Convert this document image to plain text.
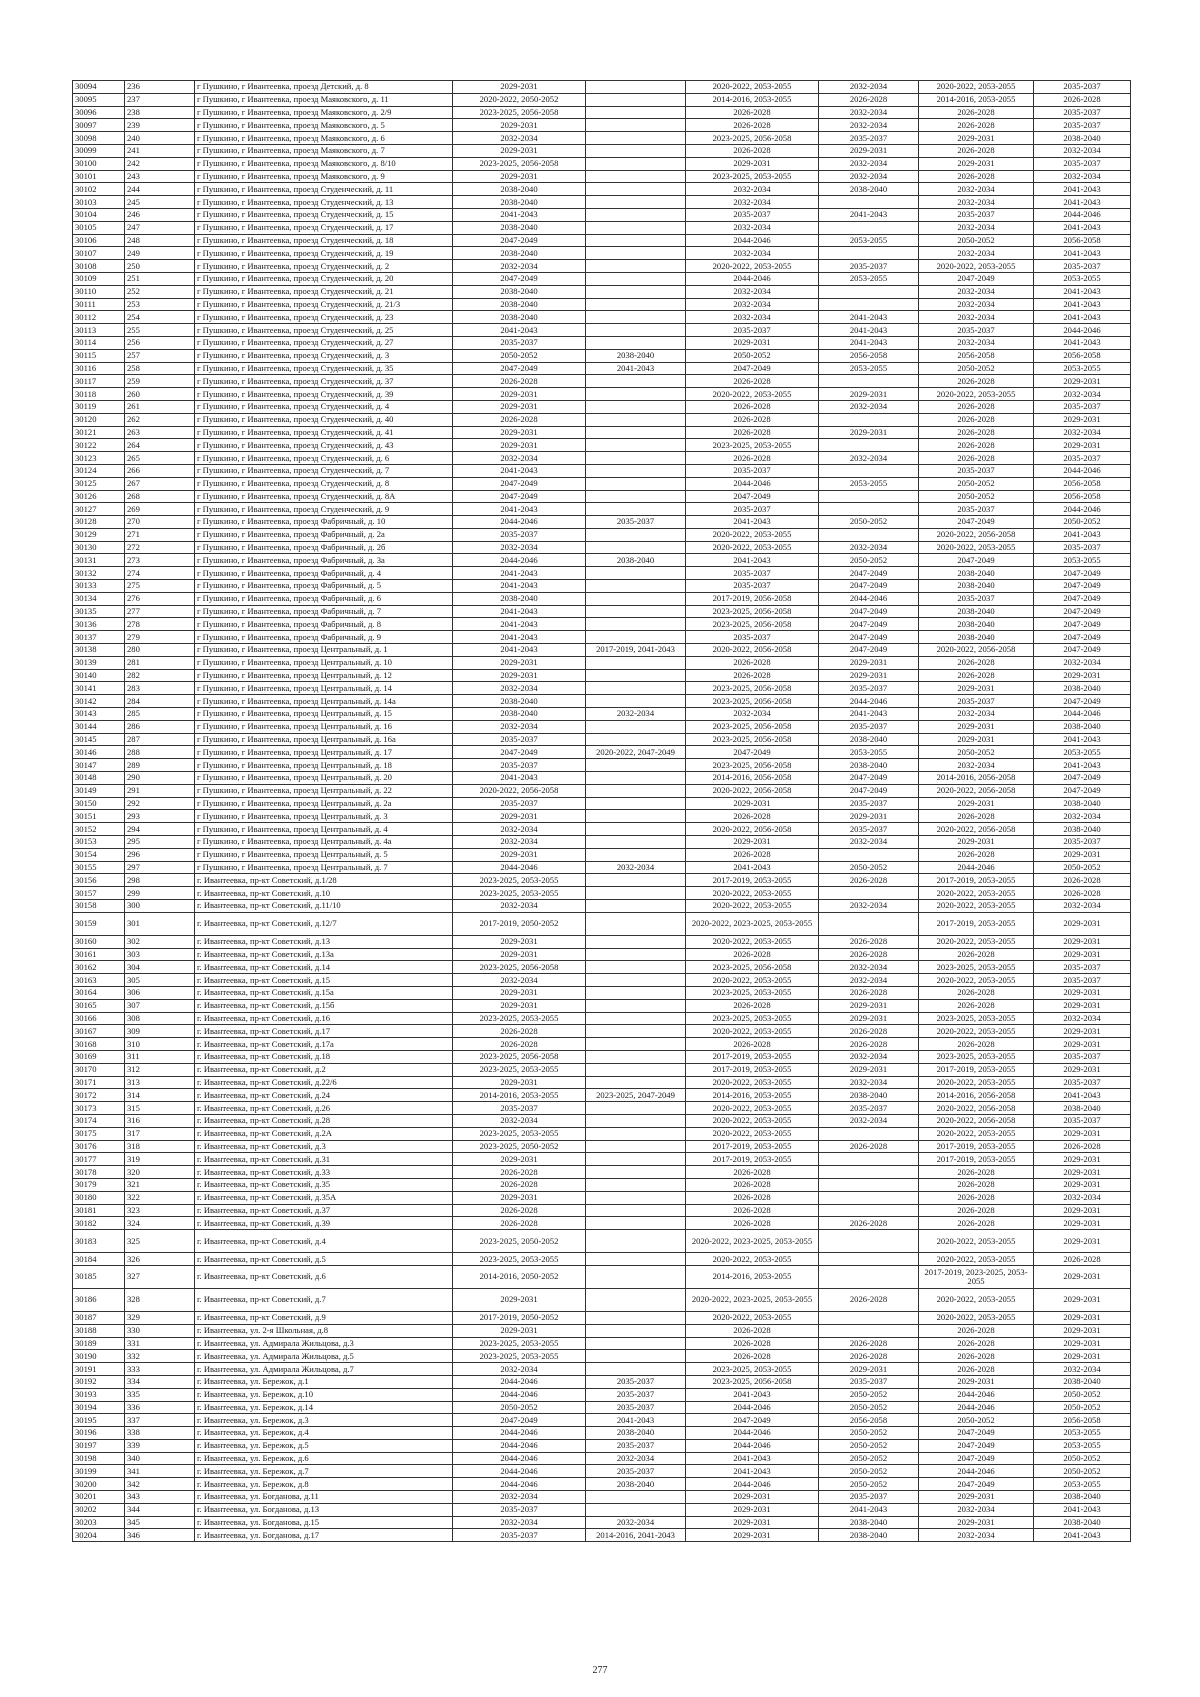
30094	236	г Пушкино, г Ивантеевка, проезд Детский, д. 8	2029-2031		2020-2022, 2053-2055	2032-2034	2020-2022, 2053-2055	2035-2037
30095	237	г Пушкино, г Ивантеевка, проезд Маяковского, д. 11	2020-2022, 2050-2052		2014-2016, 2053-2055	2026-2028	2014-2016, 2053-2055	2026-2028
30096	238	г Пушкино, г Ивантеевка, проезд Маяковского, д. 2/9	2023-2025, 2056-2058		2026-2028	2032-2034	2026-2028	2035-2037
30097	239	г Пушкино, г Ивантеевка, проезд Маяковского, д. 5	2029-2031		2026-2028	2032-2034	2026-2028	2035-2037
30098	240	г Пушкино, г Ивантеевка, проезд Маяковского, д. 6	2032-2034		2023-2025, 2056-2058	2035-2037	2029-2031	2038-2040
30099	241	г Пушкино, г Ивантеевка, проезд Маяковского, д. 7	2029-2031		2026-2028	2029-2031	2026-2028	2032-2034
30100	242	г Пушкино, г Ивантеевка, проезд Маяковского, д. 8/10	2023-2025, 2056-2058		2029-2031	2032-2034	2029-2031	2035-2037
30101	243	г Пушкино, г Ивантеевка, проезд Маяковского, д. 9	2029-2031		2023-2025, 2053-2055	2032-2034	2026-2028	2032-2034
30102	244	г Пушкино, г Ивантеевка, проезд Студенческий, д. 11	2038-2040		2032-2034	2038-2040	2032-2034	2041-2043
30103	245	г Пушкино, г Ивантеевка, проезд Студенческий, д. 13	2038-2040		2032-2034		2032-2034	2041-2043
30104	246	г Пушкино, г Ивантеевка, проезд Студенческий, д. 15	2041-2043		2035-2037	2041-2043	2035-2037	2044-2046
30105	247	г Пушкино, г Ивантеевка, проезд Студенческий, д. 17	2038-2040		2032-2034		2032-2034	2041-2043
30106	248	г Пушкино, г Ивантеевка, проезд Студенческий, д. 18	2047-2049		2044-2046	2053-2055	2050-2052	2056-2058
30107	249	г Пушкино, г Ивантеевка, проезд Студенческий, д. 19	2038-2040		2032-2034		2032-2034	2041-2043
30108	250	г Пушкино, г Ивантеевка, проезд Студенческий, д. 2	2032-2034		2020-2022, 2053-2055	2035-2037	2020-2022, 2053-2055	2035-2037
30109	251	г Пушкино, г Ивантеевка, проезд Студенческий, д. 20	2047-2049		2044-2046	2053-2055	2047-2049	2053-2055
30110	252	г Пушкино, г Ивантеевка, проезд Студенческий, д. 21	2038-2040		2032-2034		2032-2034	2041-2043
30111	253	г Пушкино, г Ивантеевка, проезд Студенческий, д. 21/3	2038-2040		2032-2034		2032-2034	2041-2043
30112	254	г Пушкино, г Ивантеевка, проезд Студенческий, д. 23	2038-2040		2032-2034	2041-2043	2032-2034	2041-2043
30113	255	г Пушкино, г Ивантеевка, проезд Студенческий, д. 25	2041-2043		2035-2037	2041-2043	2035-2037	2044-2046
30114	256	г Пушкино, г Ивантеевка, проезд Студенческий, д. 27	2035-2037		2029-2031	2041-2043	2032-2034	2041-2043
30115	257	г Пушкино, г Ивантеевка, проезд Студенческий, д. 3	2050-2052	2038-2040	2050-2052	2056-2058	2056-2058	2056-2058
30116	258	г Пушкино, г Ивантеевка, проезд Студенческий, д. 35	2047-2049	2041-2043	2047-2049	2053-2055	2050-2052	2053-2055
30117	259	г Пушкино, г Ивантеевка, проезд Студенческий, д. 37	2026-2028		2026-2028		2026-2028	2029-2031
30118	260	г Пушкино, г Ивантеевка, проезд Студенческий, д. 39	2029-2031		2020-2022, 2053-2055	2029-2031	2020-2022, 2053-2055	2032-2034
30119	261	г Пушкино, г Ивантеевка, проезд Студенческий, д. 4	2029-2031		2026-2028	2032-2034	2026-2028	2035-2037
30120	262	г Пушкино, г Ивантеевка, проезд Студенческий, д. 40	2026-2028		2026-2028		2026-2028	2029-2031
30121	263	г Пушкино, г Ивантеевка, проезд Студенческий, д. 41	2029-2031		2026-2028	2029-2031	2026-2028	2032-2034
30122	264	г Пушкино, г Ивантеевка, проезд Студенческий, д. 43	2029-2031		2023-2025, 2053-2055		2026-2028	2029-2031
30123	265	г Пушкино, г Ивантеевка, проезд Студенческий, д. 6	2032-2034		2026-2028	2032-2034	2026-2028	2035-2037
30124	266	г Пушкино, г Ивантеевка, проезд Студенческий, д. 7	2041-2043		2035-2037		2035-2037	2044-2046
30125	267	г Пушкино, г Ивантеевка, проезд Студенческий, д. 8	2047-2049		2044-2046	2053-2055	2050-2052	2056-2058
30126	268	г Пушкино, г Ивантеевка, проезд Студенческий, д. 8А	2047-2049		2047-2049		2050-2052	2056-2058
30127	269	г Пушкино, г Ивантеевка, проезд Студенческий, д. 9	2041-2043		2035-2037		2035-2037	2044-2046
30128	270	г Пушкино, г Ивантеевка, проезд Фабричный, д. 10	2044-2046	2035-2037	2041-2043	2050-2052	2047-2049	2050-2052
30129	271	г Пушкино, г Ивантеевка, проезд Фабричный, д. 2а	2035-2037		2020-2022, 2053-2055		2020-2022, 2056-2058	2041-2043
30130	272	г Пушкино, г Ивантеевка, проезд Фабричный, д. 2б	2032-2034		2020-2022, 2053-2055	2032-2034	2020-2022, 2053-2055	2035-2037
30131	273	г Пушкино, г Ивантеевка, проезд Фабричный, д. 3а	2044-2046	2038-2040	2041-2043	2050-2052	2047-2049	2053-2055
30132	274	г Пушкино, г Ивантеевка, проезд Фабричный, д. 4	2041-2043		2035-2037	2047-2049	2038-2040	2047-2049
30133	275	г Пушкино, г Ивантеевка, проезд Фабричный, д. 5	2041-2043		2035-2037	2047-2049	2038-2040	2047-2049
30134	276	г Пушкино, г Ивантеевка, проезд Фабричный, д. 6	2038-2040		2017-2019, 2056-2058	2044-2046	2035-2037	2047-2049
30135	277	г Пушкино, г Ивантеевка, проезд Фабричный, д. 7	2041-2043		2023-2025, 2056-2058	2047-2049	2038-2040	2047-2049
30136	278	г Пушкино, г Ивантеевка, проезд Фабричный, д. 8	2041-2043		2023-2025, 2056-2058	2047-2049	2038-2040	2047-2049
30137	279	г Пушкино, г Ивантеевка, проезд Фабричный, д. 9	2041-2043		2035-2037	2047-2049	2038-2040	2047-2049
30138	280	г Пушкино, г Ивантеевка, проезд Центральный, д. 1	2041-2043	2017-2019, 2041-2043	2020-2022, 2056-2058	2047-2049	2020-2022, 2056-2058	2047-2049
30139	281	г Пушкино, г Ивантеевка, проезд Центральный, д. 10	2029-2031		2026-2028	2029-2031	2026-2028	2032-2034
30140	282	г Пушкино, г Ивантеевка, проезд Центральный, д. 12	2029-2031		2026-2028	2029-2031	2026-2028	2029-2031
30141	283	г Пушкино, г Ивантеевка, проезд Центральный, д. 14	2032-2034		2023-2025, 2056-2058	2035-2037	2029-2031	2038-2040
30142	284	г Пушкино, г Ивантеевка, проезд Центральный, д. 14а	2038-2040		2023-2025, 2056-2058	2044-2046	2035-2037	2047-2049
30143	285	г Пушкино, г Ивантеевка, проезд Центральный, д. 15	2038-2040	2032-2034	2032-2034	2041-2043	2032-2034	2044-2046
30144	286	г Пушкино, г Ивантеевка, проезд Центральный, д. 16	2032-2034		2023-2025, 2056-2058	2035-2037	2029-2031	2038-2040
30145	287	г Пушкино, г Ивантеевка, проезд Центральный, д. 16а	2035-2037		2023-2025, 2056-2058	2038-2040	2029-2031	2041-2043
30146	288	г Пушкино, г Ивантеевка, проезд Центральный, д. 17	2047-2049	2020-2022, 2047-2049	2047-2049	2053-2055	2050-2052	2053-2055
30147	289	г Пушкино, г Ивантеевка, проезд Центральный, д. 18	2035-2037		2023-2025, 2056-2058	2038-2040	2032-2034	2041-2043
30148	290	г Пушкино, г Ивантеевка, проезд Центральный, д. 20	2041-2043		2014-2016, 2056-2058	2047-2049	2014-2016, 2056-2058	2047-2049
30149	291	г Пушкино, г Ивантеевка, проезд Центральный, д. 22	2020-2022, 2056-2058		2020-2022, 2056-2058	2047-2049	2020-2022, 2056-2058	2047-2049
30150	292	г Пушкино, г Ивантеевка, проезд Центральный, д. 2а	2035-2037		2029-2031	2035-2037	2029-2031	2038-2040
30151	293	г Пушкино, г Ивантеевка, проезд Центральный, д. 3	2029-2031		2026-2028	2029-2031	2026-2028	2032-2034
30152	294	г Пушкино, г Ивантеевка, проезд Центральный, д. 4	2032-2034		2020-2022, 2056-2058	2035-2037	2020-2022, 2056-2058	2038-2040
30153	295	г Пушкино, г Ивантеевка, проезд Центральный, д. 4а	2032-2034		2029-2031	2032-2034	2029-2031	2035-2037
30154	296	г Пушкино, г Ивантеевка, проезд Центральный, д. 5	2029-2031		2026-2028		2026-2028	2029-2031
30155	297	г Пушкино, г Ивантеевка, проезд Центральный, д. 7	2044-2046	2032-2034	2041-2043	2050-2052	2044-2046	2050-2052
30156	298	г. Ивантеевка, пр-кт Советский, д.1/28	2023-2025, 2053-2055		2017-2019, 2053-2055	2026-2028	2017-2019, 2053-2055	2026-2028
30157	299	г. Ивантеевка, пр-кт Советский, д.10	2023-2025, 2053-2055		2020-2022, 2053-2055		2020-2022, 2053-2055	2026-2028
30158	300	г. Ивантеевка, пр-кт Советский, д.11/10	2032-2034		2020-2022, 2053-2055	2032-2034	2020-2022, 2053-2055	2032-2034
30159	301	г. Ивантеевка, пр-кт Советский, д.12/7	2017-2019, 2050-2052		2020-2022, 2023-2025, 2053-2055		2017-2019, 2053-2055	2029-2031
30160	302	г. Ивантеевка, пр-кт Советский, д.13	2029-2031		2020-2022, 2053-2055	2026-2028	2020-2022, 2053-2055	2029-2031
30161	303	г. Ивантеевка, пр-кт Советский, д.13а	2029-2031		2026-2028	2026-2028	2026-2028	2029-2031
30162	304	г. Ивантеевка, пр-кт Советский, д.14	2023-2025, 2056-2058		2023-2025, 2056-2058	2032-2034	2023-2025, 2053-2055	2035-2037
30163	305	г. Ивантеевка, пр-кт Советский, д.15	2032-2034		2020-2022, 2053-2055	2032-2034	2020-2022, 2053-2055	2035-2037
30164	306	г. Ивантеевка, пр-кт Советский, д.15а	2029-2031		2023-2025, 2053-2055	2026-2028	2026-2028	2029-2031
30165	307	г. Ивантеевка, пр-кт Советский, д.15б	2029-2031		2026-2028	2029-2031	2026-2028	2029-2031
30166	308	г. Ивантеевка, пр-кт Советский, д.16	2023-2025, 2053-2055		2023-2025, 2053-2055	2029-2031	2023-2025, 2053-2055	2032-2034
30167	309	г. Ивантеевка, пр-кт Советский, д.17	2026-2028		2020-2022, 2053-2055	2026-2028	2020-2022, 2053-2055	2029-2031
30168	310	г. Ивантеевка, пр-кт Советский, д.17а	2026-2028		2026-2028	2026-2028	2026-2028	2029-2031
30169	311	г. Ивантеевка, пр-кт Советский, д.18	2023-2025, 2056-2058		2017-2019, 2053-2055	2032-2034	2023-2025, 2053-2055	2035-2037
30170	312	г. Ивантеевка, пр-кт Советский, д.2	2023-2025, 2053-2055		2017-2019, 2053-2055	2029-2031	2017-2019, 2053-2055	2029-2031
30171	313	г. Ивантеевка, пр-кт Советский, д.22/6	2029-2031		2020-2022, 2053-2055	2032-2034	2020-2022, 2053-2055	2035-2037
30172	314	г. Ивантеевка, пр-кт Советский, д.24	2014-2016, 2053-2055	2023-2025, 2047-2049	2014-2016, 2053-2055	2038-2040	2014-2016, 2056-2058	2041-2043
30173	315	г. Ивантеевка, пр-кт Советский, д.26	2035-2037		2020-2022, 2053-2055	2035-2037	2020-2022, 2056-2058	2038-2040
30174	316	г. Ивантеевка, пр-кт Советский, д.28	2032-2034		2020-2022, 2053-2055	2032-2034	2020-2022, 2056-2058	2035-2037
30175	317	г. Ивантеевка, пр-кт Советский, д.2А	2023-2025, 2053-2055		2020-2022, 2053-2055		2020-2022, 2053-2055	2029-2031
30176	318	г. Ивантеевка, пр-кт Советский, д.3	2023-2025, 2050-2052		2017-2019, 2053-2055	2026-2028	2017-2019, 2053-2055	2026-2028
30177	319	г. Ивантеевка, пр-кт Советский, д.31	2029-2031		2017-2019, 2053-2055		2017-2019, 2053-2055	2029-2031
30178	320	г. Ивантеевка, пр-кт Советский, д.33	2026-2028		2026-2028		2026-2028	2029-2031
30179	321	г. Ивантеевка, пр-кт Советский, д.35	2026-2028		2026-2028		2026-2028	2029-2031
30180	322	г. Ивантеевка, пр-кт Советский, д.35А	2029-2031		2026-2028		2026-2028	2032-2034
30181	323	г. Ивантеевка, пр-кт Советский, д.37	2026-2028		2026-2028		2026-2028	2029-2031
30182	324	г. Ивантеевка, пр-кт Советский, д.39	2026-2028		2026-2028	2026-2028	2026-2028	2029-2031
30183	325	г. Ивантеевка, пр-кт Советский, д.4	2023-2025, 2050-2052		2020-2022, 2023-2025, 2053-2055		2020-2022, 2053-2055	2029-2031
30184	326	г. Ивантеевка, пр-кт Советский, д.5	2023-2025, 2053-2055		2020-2022, 2053-2055		2020-2022, 2053-2055	2026-2028
30185	327	г. Ивантеевка, пр-кт Советский, д.6	2014-2016, 2050-2052		2014-2016, 2053-2055		2017-2019, 2023-2025, 2053-2055	2029-2031
30186	328	г. Ивантеевка, пр-кт Советский, д.7	2029-2031		2020-2022, 2023-2025, 2053-2055	2026-2028	2020-2022, 2053-2055	2029-2031
30187	329	г. Ивантеевка, пр-кт Советский, д.9	2017-2019, 2050-2052		2020-2022, 2053-2055		2020-2022, 2053-2055	2029-2031
30188	330	г. Ивантеевка, ул. 2-я Школьная, д.8	2029-2031		2026-2028		2026-2028	2029-2031
30189	331	г. Ивантеевка, ул. Адмирала Жильцова, д.3	2023-2025, 2053-2055		2026-2028	2026-2028	2026-2028	2029-2031
30190	332	г. Ивантеевка, ул. Адмирала Жильцова, д.5	2023-2025, 2053-2055		2026-2028	2026-2028	2026-2028	2029-2031
30191	333	г. Ивантеевка, ул. Адмирала Жильцова, д.7	2032-2034		2023-2025, 2053-2055	2029-2031	2026-2028	2032-2034
30192	334	г. Ивантеевка, ул. Бережок, д.1	2044-2046	2035-2037	2023-2025, 2056-2058	2035-2037	2029-2031	2038-2040
30193	335	г. Ивантеевка, ул. Бережок, д.10	2044-2046	2035-2037	2041-2043	2050-2052	2044-2046	2050-2052
30194	336	г. Ивантеевка, ул. Бережок, д.14	2050-2052	2035-2037	2044-2046	2050-2052	2044-2046	2050-2052
30195	337	г. Ивантеевка, ул. Бережок, д.3	2047-2049	2041-2043	2047-2049	2056-2058	2050-2052	2056-2058
30196	338	г. Ивантеевка, ул. Бережок, д.4	2044-2046	2038-2040	2044-2046	2050-2052	2047-2049	2053-2055
30197	339	г. Ивантеевка, ул. Бережок, д.5	2044-2046	2035-2037	2044-2046	2050-2052	2047-2049	2053-2055
30198	340	г. Ивантеевка, ул. Бережок, д.6	2044-2046	2032-2034	2041-2043	2050-2052	2047-2049	2050-2052
30199	341	г. Ивантеевка, ул. Бережок, д.7	2044-2046	2035-2037	2041-2043	2050-2052	2044-2046	2050-2052
30200	342	г. Ивантеевка, ул. Бережок, д.8	2044-2046	2038-2040	2044-2046	2050-2052	2047-2049	2053-2055
30201	343	г. Ивантеевка, ул. Богданова, д.11	2032-2034		2029-2031	2035-2037	2029-2031	2038-2040
30202	344	г. Ивантеевка, ул. Богданова, д.13	2035-2037		2029-2031	2041-2043	2032-2034	2041-2043
30203	345	г. Ивантеевка, ул. Богданова, д.15	2032-2034	2032-2034	2029-2031	2038-2040	2029-2031	2038-2040
30204	346	г. Ивантеевка, ул. Богданова, д.17	2035-2037	2014-2016, 2041-2043	2029-2031	2038-2040	2032-2034	2041-2043
277
